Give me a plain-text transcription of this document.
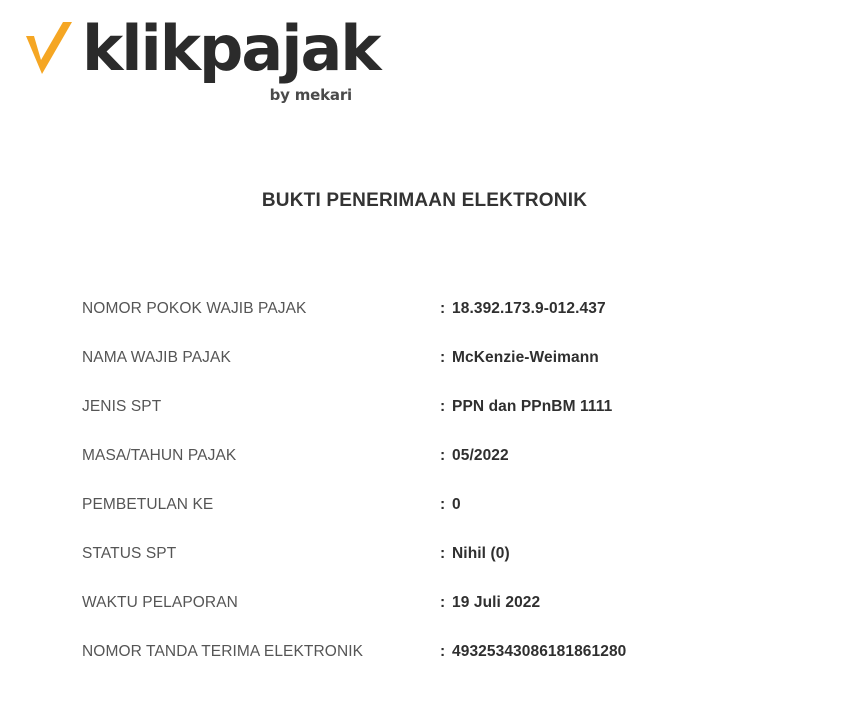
klikpajak
by mekari
BUKTI PENERIMAAN ELEKTRONIK
NOMOR POKOK WAJIB PAJAK	: 18.392.173.9-012.437
NAMA WAJIB PAJAK	: McKenzie-Weimann
JENIS SPT	: PPN dan PPnBM 1111
MASA/TAHUN PAJAK	: 05/2022
PEMBETULAN KE	: 0
STATUS SPT	: Nihil (0)
WAKTU PELAPORAN	: 19 Juli 2022
NOMOR TANDA TERIMA ELEKTRONIK	: 49325343086181861280
